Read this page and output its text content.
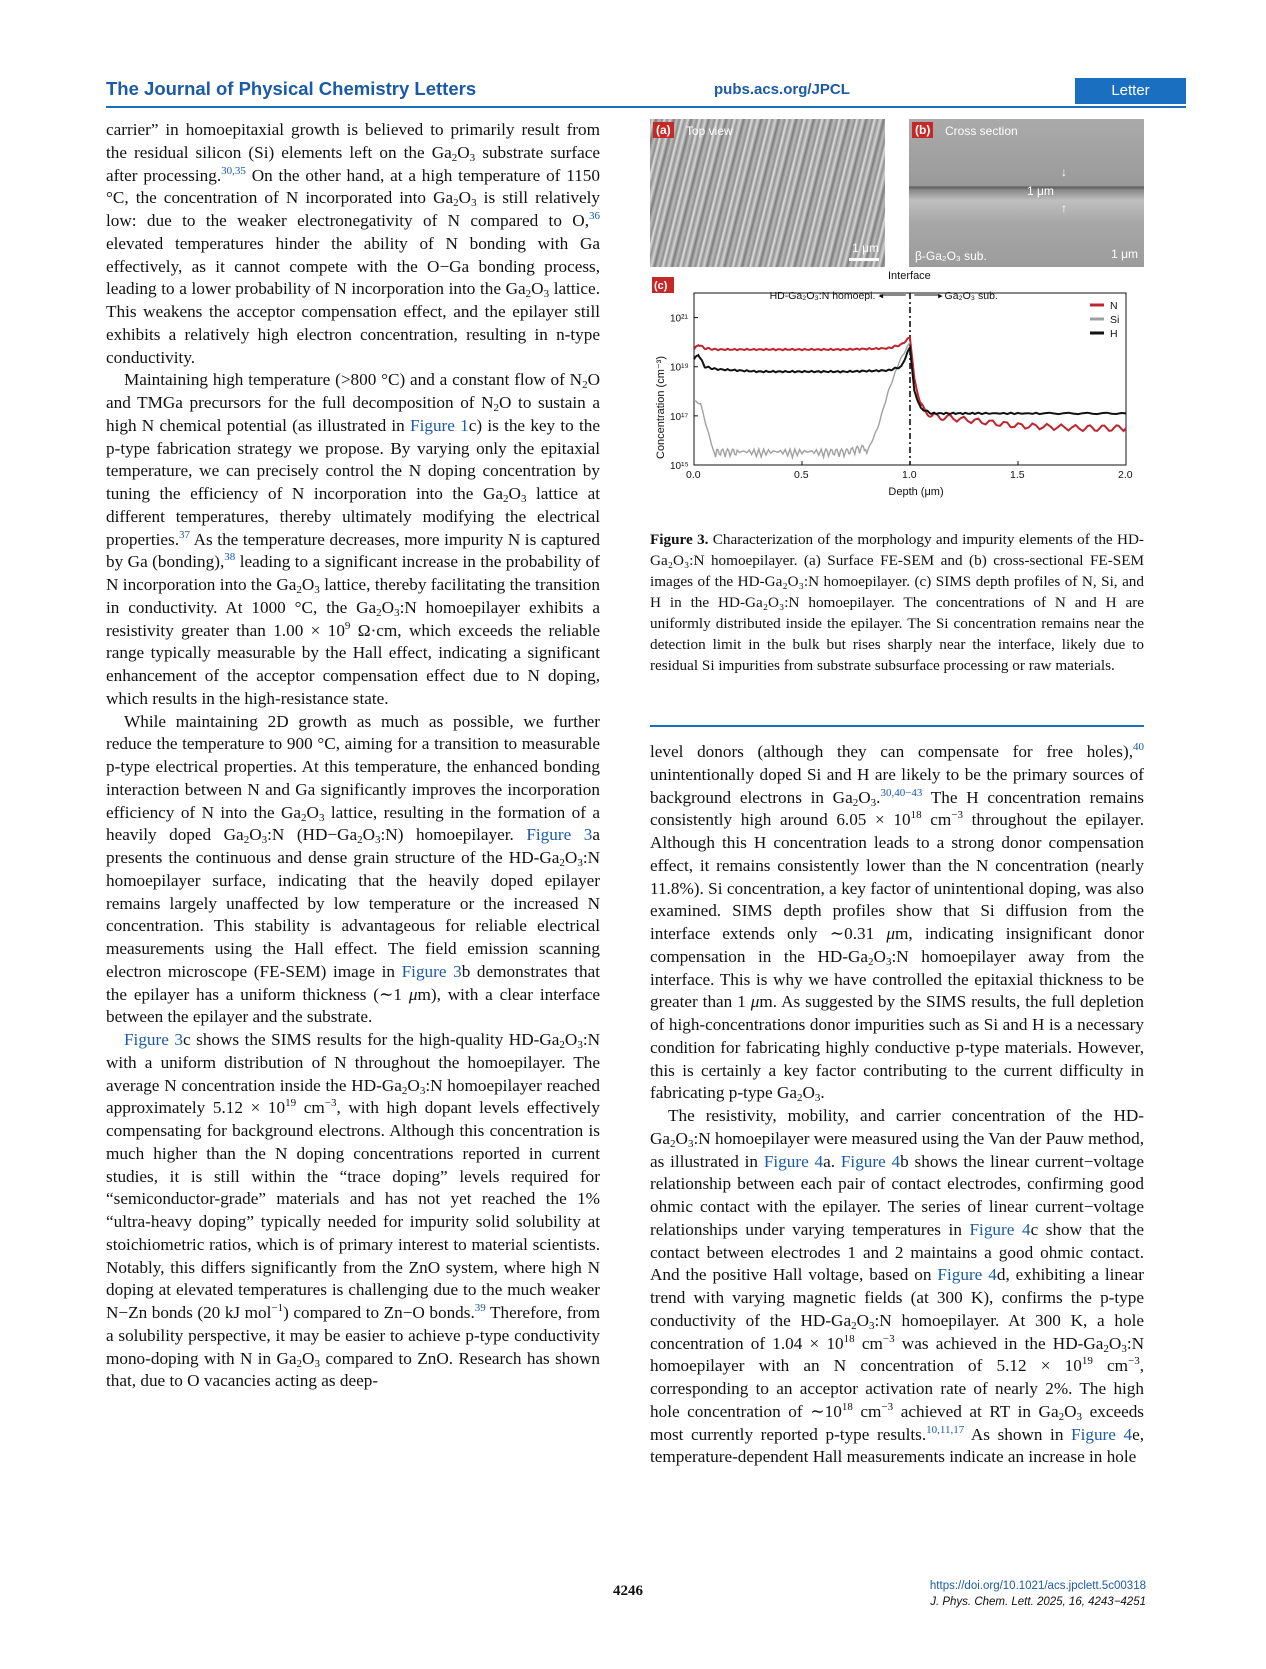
The Journal of Physical Chemistry Letters	pubs.acs.org/JPCL	Letter

carrier” in homoepitaxial growth is believed to primarily result from the residual silicon (Si) elements left on the $Ga_2O_3$ substrate surface after processing.$^{30,35}$ On the other hand, at a high temperature of 1150 °C, the concentration of N incorporated into $Ga_2O_3$ is still relatively low: due to the weaker electronegativity of N compared to O,$^{36}$ elevated temperatures hinder the ability of N bonding with Ga effectively, as it cannot compete with the O−Ga bonding process, leading to a lower probability of N incorporation into the $Ga_2O_3$ lattice. This weakens the acceptor compensation effect, and the epilayer still exhibits a relatively high electron concentration, resulting in n-type conductivity.

Maintaining high temperature (>800 °C) and a constant flow of $N_2O$ and TMGa precursors for the full decomposition of $N_2O$ to sustain a high N chemical potential (as illustrated in Figure 1c) is the key to the p-type fabrication strategy we propose. By varying only the epitaxial temperature, we can precisely control the N doping concentration by tuning the efficiency of N incorporation into the $Ga_2O_3$ lattice at different temperatures, thereby ultimately modifying the electrical properties.$^{37}$ As the temperature decreases, more impurity N is captured by Ga (bonding),$^{38}$ leading to a significant increase in the probability of N incorporation into the $Ga_2O_3$ lattice, thereby facilitating the transition in conductivity. At 1000 °C, the $Ga_2O_3:N$ homoepilayer exhibits a resistivity greater than $1.00 \times 10^9$ Ω·cm, which exceeds the reliable range typically measurable by the Hall effect, indicating a significant enhancement of the acceptor compensation effect due to N doping, which results in the high-resistance state.

While maintaining 2D growth as much as possible, we further reduce the temperature to 900 °C, aiming for a transition to measurable p-type electrical properties. At this temperature, the enhanced bonding interaction between N and Ga significantly improves the incorporation efficiency of N into the $Ga_2O_3$ lattice, resulting in the formation of a heavily doped $Ga_2O_3:N$ $(HD-Ga_2O_3:N)$ homoepilayer. Figure 3a presents the continuous and dense grain structure of the $HD-Ga_2O_3:N$ homoepilayer surface, indicating that the heavily doped epilayer remains largely unaffected by low temperature or the increased N concentration. This stability is advantageous for reliable electrical measurements using the Hall effect. The field emission scanning electron microscope (FE-SEM) image in Figure 3b demonstrates that the epilayer has a uniform thickness (∼1 μm), with a clear interface between the epilayer and the substrate.

Figure 3c shows the SIMS results for the high-quality $HD-Ga_2O_3:N$ with a uniform distribution of N throughout the homoepilayer. The average N concentration inside the $HD-Ga_2O_3:N$ homoepilayer reached approximately $5.12 \times 10^{19}$ $cm^{-3}$, with high dopant levels effectively compensating for background electrons. Although this concentration is much higher than the N doping concentrations reported in current studies, it is still within the “trace doping” levels required for “semiconductor-grade” materials and has not yet reached the 1% “ultra-heavy doping” typically needed for impurity solid solubility at stoichiometric ratios, which is of primary interest to material scientists. Notably, this differs significantly from the ZnO system, where high N doping at elevated temperatures is challenging due to the much weaker N−Zn bonds (20 kJ mol$^{-1}$) compared to Zn−O bonds.$^{39}$ Therefore, from a solubility perspective, it may be easier to achieve p-type conductivity mono-doping with N in $Ga_2O_3$ compared to ZnO. Research has shown that, due to O vacancies acting as deep-

(a) Top view
1 μm
(b) Cross section
1 μm
↓
↑
β-Ga₂O₃ sub.	1 μm
(c)
Interface
HD-Ga₂O₃:N homoepi. ◂	▸ Ga₂O₃ sub.
0.0	0.5	1.0	1.5	2.0
10¹⁵
10¹⁷
10¹⁹
10²¹
Depth (μm)
Concentration (cm⁻³)
N
Si
H
Figure 3. Characterization of the morphology and impurity elements of the HD-Ga₂O₃:N homoepilayer. (a) Surface FE-SEM and (b) cross-sectional FE-SEM images of the HD-Ga₂O₃:N homoepilayer. (c) SIMS depth profiles of N, Si, and H in the HD-Ga₂O₃:N homoepilayer. The concentrations of N and H are uniformly distributed inside the epilayer. The Si concentration remains near the detection limit in the bulk but rises sharply near the interface, likely due to residual Si impurities from substrate subsurface processing or raw materials.

level donors (although they can compensate for free holes),$^{40}$ unintentionally doped Si and H are likely to be the primary sources of background electrons in $Ga_2O_3.^{30,40-43}$ The H concentration remains consistently high around $6.05 \times 10^{18}$ $cm^{-3}$ throughout the epilayer. Although this H concentration leads to a strong donor compensation effect, it remains consistently lower than the N concentration (nearly 11.8%). Si concentration, a key factor of unintentional doping, was also examined. SIMS depth profiles show that Si diffusion from the interface extends only ∼0.31 μm, indicating insignificant donor compensation in the $HD-Ga_2O_3:N$ homoepilayer away from the interface. This is why we have controlled the epitaxial thickness to be greater than 1 μm. As suggested by the SIMS results, the full depletion of high-concentrations donor impurities such as Si and H is a necessary condition for fabricating highly conductive p-type materials. However, this is certainly a key factor contributing to the current difficulty in fabricating p-type $Ga_2O_3$.

The resistivity, mobility, and carrier concentration of the $HD-Ga_2O_3:N$ homoepilayer were measured using the Van der Pauw method, as illustrated in Figure 4a. Figure 4b shows the linear current−voltage relationship between each pair of contact electrodes, confirming good ohmic contact with the epilayer. The series of linear current−voltage relationships under varying temperatures in Figure 4c show that the contact between electrodes 1 and 2 maintains a good ohmic contact. And the positive Hall voltage, based on Figure 4d, exhibiting a linear trend with varying magnetic fields (at 300 K), confirms the p-type conductivity of the $HD-Ga_2O_3:N$ homoepilayer. At 300 K, a hole concentration of $1.04 \times 10^{18}$ $cm^{-3}$ was achieved in the $HD-Ga_2O_3:N$ homoepilayer with an N concentration of $5.12 \times 10^{19}$ $cm^{-3}$, corresponding to an acceptor activation rate of nearly 2%. The high hole concentration of $\sim 10^{18}$ $cm^{-3}$ achieved at RT in $Ga_2O_3$ exceeds most currently reported p-type results.$^{10,11,17}$ As shown in Figure 4e, temperature-dependent Hall measurements indicate an increase in hole

4246	https://doi.org/10.1021/acs.jpclett.5c00318
J. Phys. Chem. Lett. 2025, 16, 4243−4251
